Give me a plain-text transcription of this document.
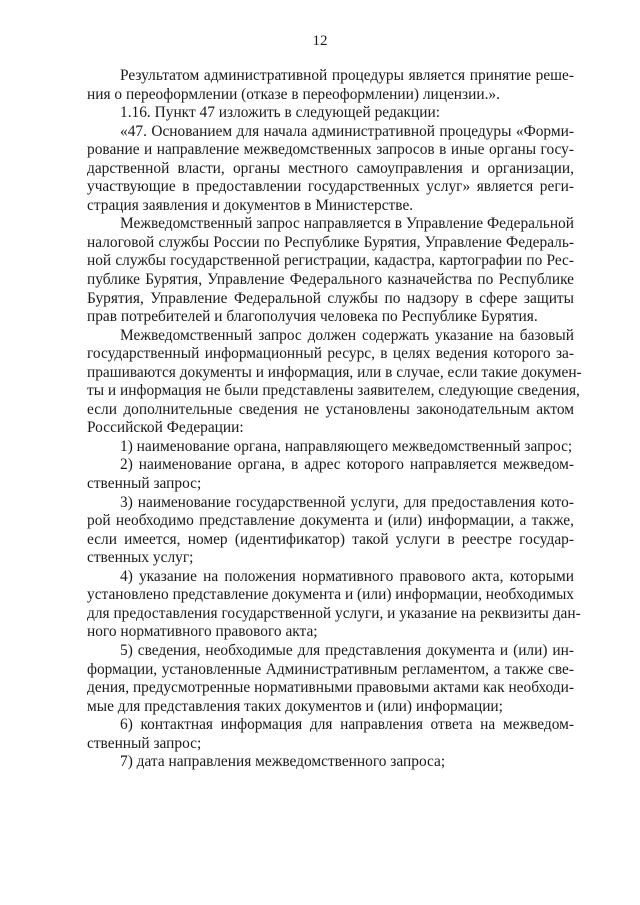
12
Результатом административной процедуры является принятие реше-
ния о переоформлении (отказе в переоформлении) лицензии.».
1.16. Пункт 47 изложить в следующей редакции:
«47. Основанием для начала административной процедуры «Форми-
рование и направление межведомственных запросов в иные органы госу-
дарственной власти, органы местного самоуправления и организации,
участвующие в предоставлении государственных услуг» является реги-
страция заявления и документов в Министерстве.
Межведомственный запрос направляется в Управление Федеральной
налоговой службы России по Республике Бурятия, Управление Федераль-
ной службы государственной регистрации, кадастра, картографии по Рес-
публике Бурятия, Управление Федерального казначейства по Республике
Бурятия, Управление Федеральной службы по надзору в сфере защиты
прав потребителей и благополучия человека по Республике Бурятия.
Межведомственный запрос должен содержать указание на базовый
государственный информационный ресурс, в целях ведения которого за-
прашиваются документы и информация, или в случае, если такие докумен-
ты и информация не были представлены заявителем, следующие сведения,
если дополнительные сведения не установлены законодательным актом
Российской Федерации:
1) наименование органа, направляющего межведомственный запрос;
2) наименование органа, в адрес которого направляется межведом-
ственный запрос;
3) наименование государственной услуги, для предоставления кото-
рой необходимо представление документа и (или) информации, а также,
если имеется, номер (идентификатор) такой услуги в реестре государ-
ственных услуг;
4) указание на положения нормативного правового акта, которыми
установлено представление документа и (или) информации, необходимых
для предоставления государственной услуги, и указание на реквизиты дан-
ного нормативного правового акта;
5) сведения, необходимые для представления документа и (или) ин-
формации, установленные Административным регламентом, а также све-
дения, предусмотренные нормативными правовыми актами как необходи-
мые для представления таких документов и (или) информации;
6) контактная информация для направления ответа на межведом-
ственный запрос;
7) дата направления межведомственного запроса;
